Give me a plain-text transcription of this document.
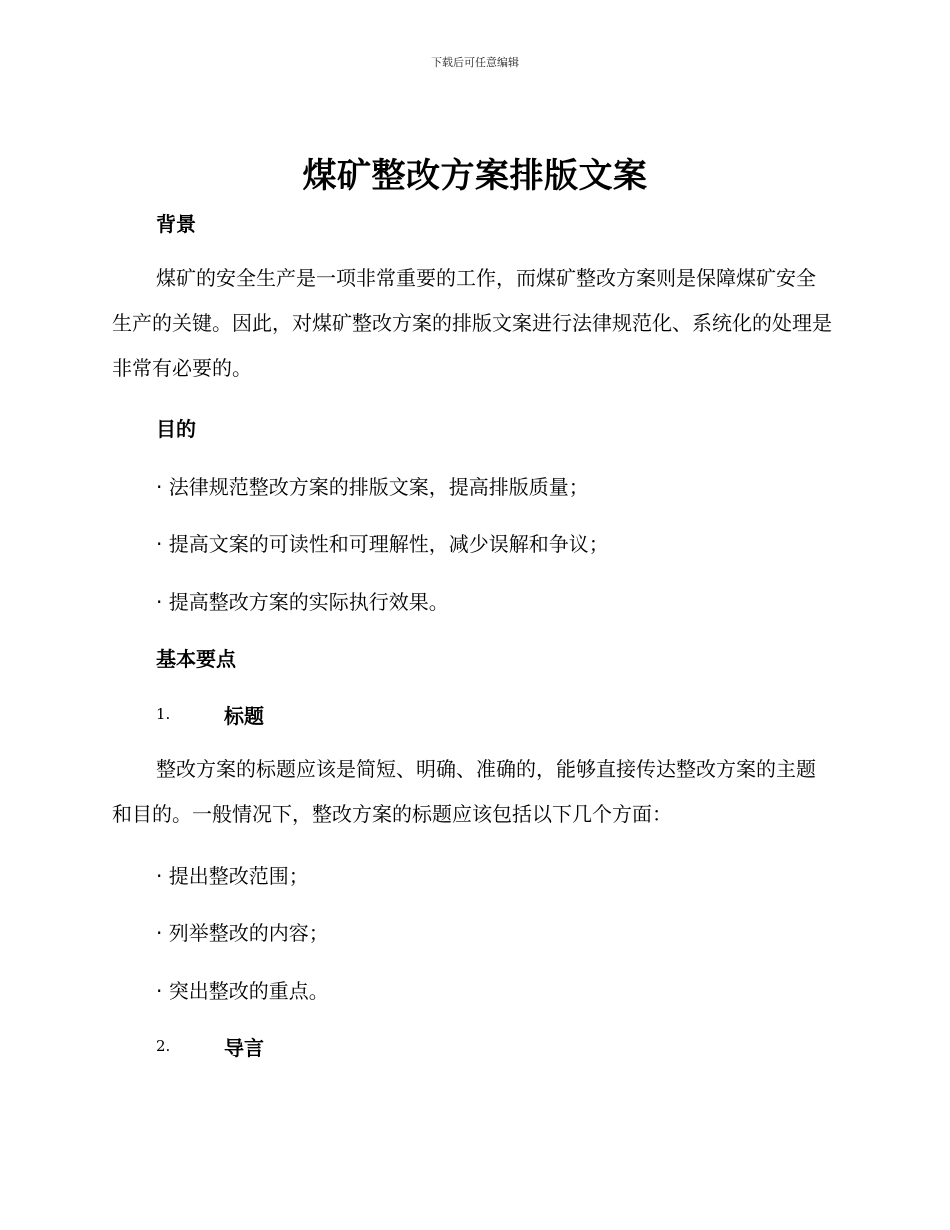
下载后可任意编辑
煤矿整改方案排版文案
背景
煤矿的安全生产是一项非常重要的工作，而煤矿整改方案则是保障煤矿安全生产的关键。因此，对煤矿整改方案的排版文案进行法律规范化、系统化的处理是非常有必要的。
目的
· 法律规范整改方案的排版文案，提高排版质量；
· 提高文案的可读性和可理解性，减少误解和争议；
· 提高整改方案的实际执行效果。
基本要点
1.	标题
整改方案的标题应该是简短、明确、准确的，能够直接传达整改方案的主题和目的。一般情况下，整改方案的标题应该包括以下几个方面：
· 提出整改范围；
· 列举整改的内容；
· 突出整改的重点。
2.	导言
